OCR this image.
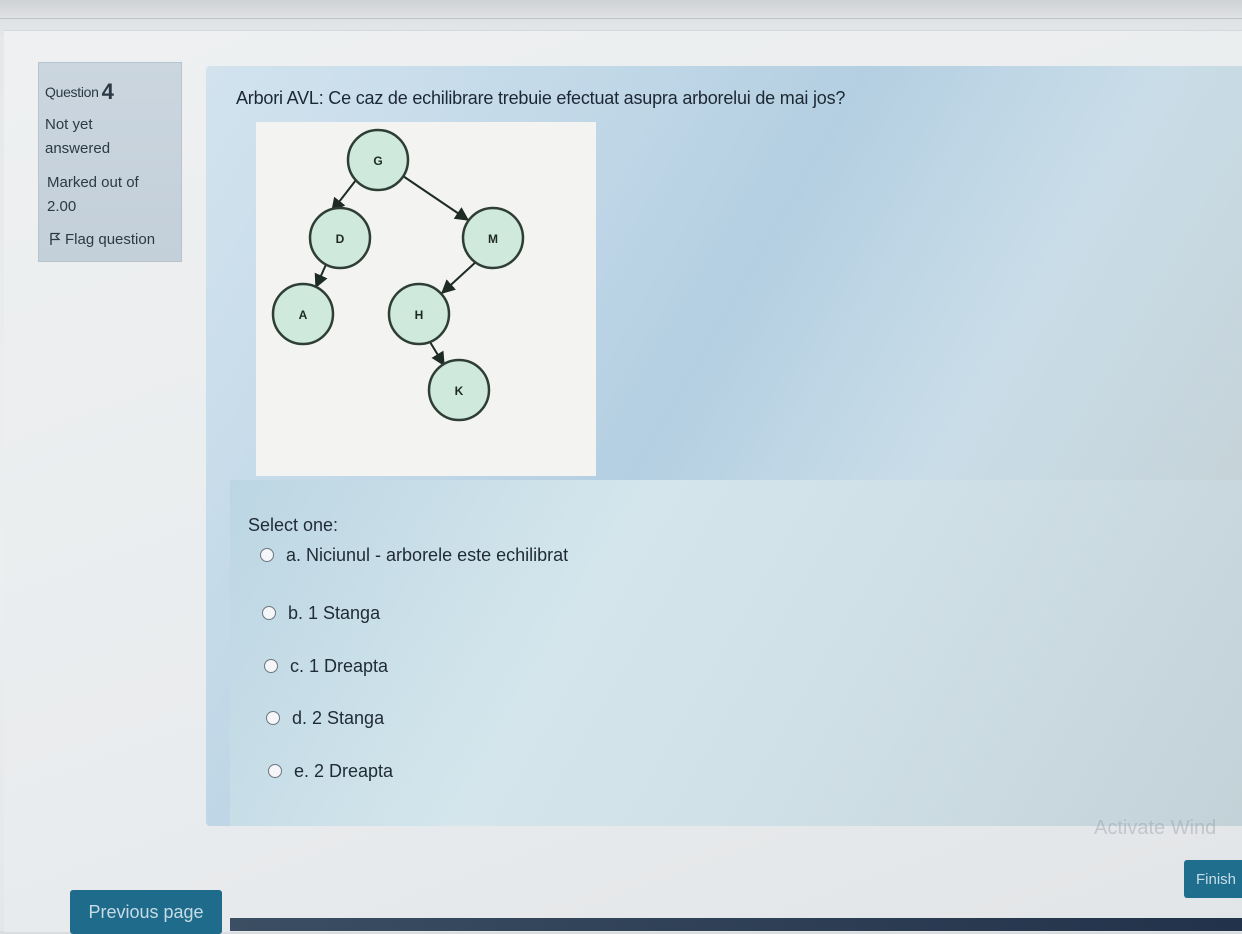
Question 4
Not yet answered
Marked out of 2.00
Flag question
Arbori AVL: Ce caz de echilibrare trebuie efectuat asupra arborelui de mai jos?
G
D	M
A	H
K
Select one:
a. Niciunul - arborele este echilibrat
b. 1 Stanga
c. 1 Dreapta
d. 2 Stanga
e. 2 Dreapta
Activate Wind
Finish
Previous page
